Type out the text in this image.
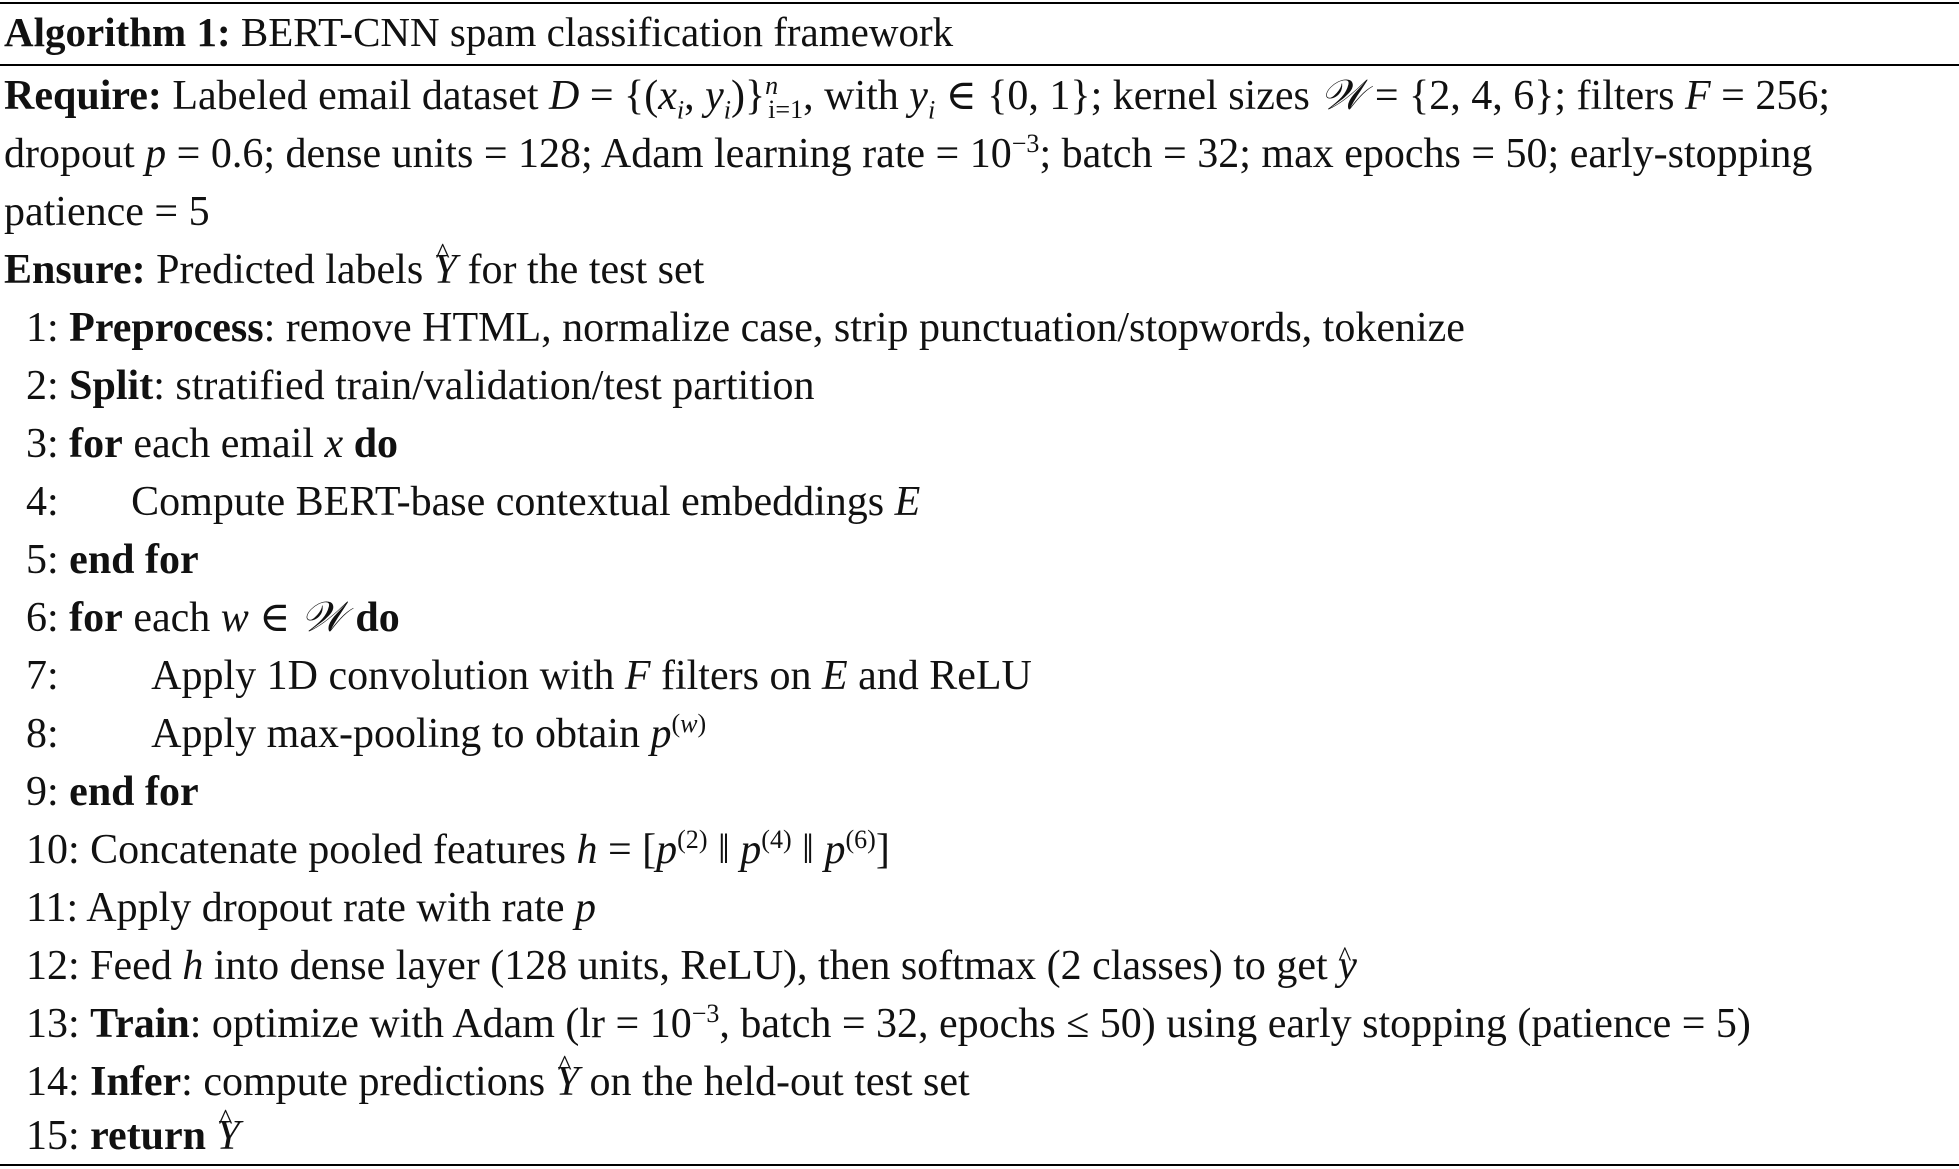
Algorithm 1: BERT-CNN spam classification framework
Require: Labeled email dataset $D = \{(x_i$, $y_i)\}^n_{i=1}$, with $y_i$ ∈ {0, 1}; kernel sizes 𝒲 = {2, 4, 6}; filters F = 256;
dropout p = 0.6; dense units = 128; Adam learning rate = $10^{-3}$; batch = 32; max epochs = 50; early-stopping
patience = 5
Ensure: Predicted labels ^ Y for the test set
1: Preprocess: remove HTML, normalize case, strip punctuation/stopwords, tokenize
2: Split: stratified train/validation/test partition
3: for each email x do
4: Compute BERT-base contextual embeddings E
5: end for
6: for each w ∈ 𝒲 do
7: Apply 1D convolution with F filters on E and ReLU
8: Apply max-pooling to obtain $p^{(w)}$
9: end for
10: Concatenate pooled features $h = [p^{(2)}$ ‖ $p^{(4)}$ ‖ $p^{(6)}$]
11: Apply dropout rate with rate p
12: Feed h into dense layer (128 units, ReLU), then softmax (2 classes) to get ^ y
13: Train: optimize with Adam ($lr = 10^{-3}$, batch = 32, epochs ≤ 50) using early stopping (patience = 5)
14: Infer: compute predictions ^ Y on the held-out test set
15: return ^ Y
